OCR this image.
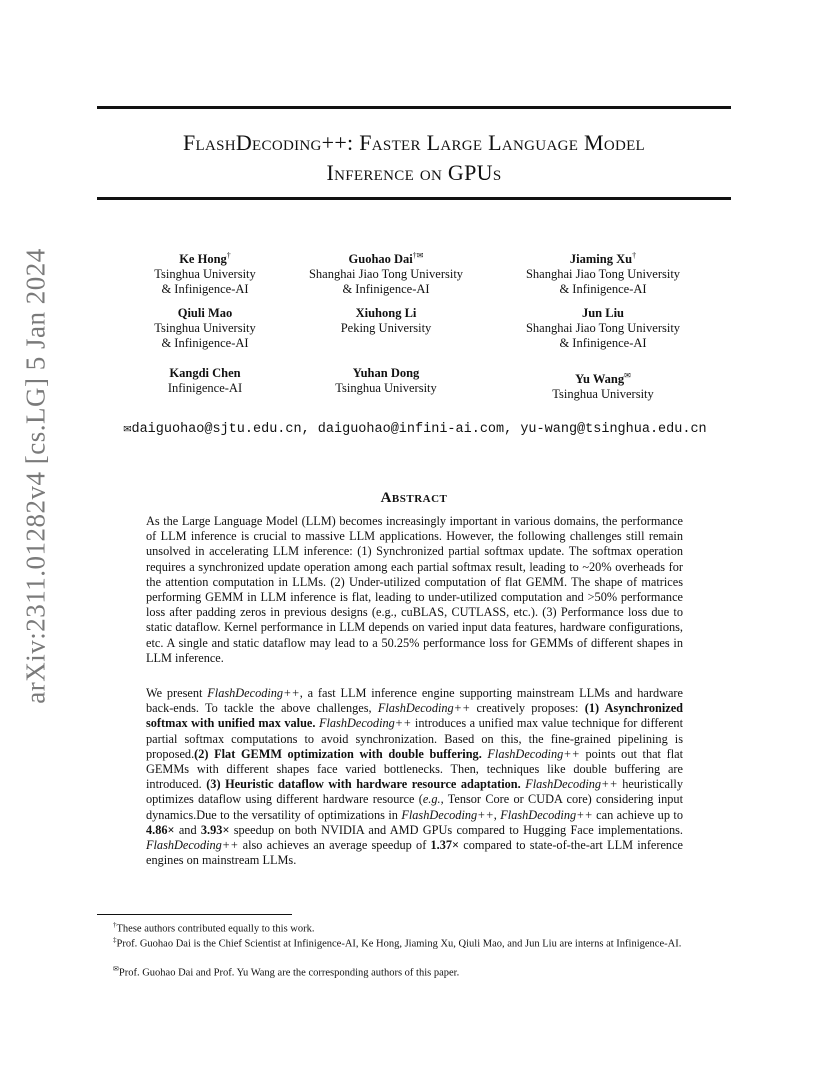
arXiv:2311.01282v4 [cs.LG] 5 Jan 2024
FlashDecoding++: Faster Large Language Model
Inference on GPUs
Ke Hong†
Tsinghua University
& Infinigence-AI
Guohao Dai†✉
Shanghai Jiao Tong University
& Infinigence-AI
Jiaming Xu†
Shanghai Jiao Tong University
& Infinigence-AI
Qiuli Mao
Tsinghua University
& Infinigence-AI
Xiuhong Li
Peking University
Jun Liu
Shanghai Jiao Tong University
& Infinigence-AI
Kangdi Chen
Infinigence-AI
Yuhan Dong
Tsinghua University
Yu Wang✉
Tsinghua University
✉daiguohao@sjtu.edu.cn, daiguohao@infini-ai.com, yu-wang@tsinghua.edu.cn
Abstract

As the Large Language Model (LLM) becomes increasingly important in various domains, the performance of LLM inference is crucial to massive LLM applications. However, the following challenges still remain unsolved in accelerating LLM inference: (1) Synchronized partial softmax update. The softmax operation requires a synchronized update operation among each partial softmax result, leading to ~20% overheads for the attention computation in LLMs. (2) Under-utilized computation of flat GEMM. The shape of matrices performing GEMM in LLM inference is flat, leading to under-utilized computation and >50% performance loss after padding zeros in previous designs (e.g., cuBLAS, CUTLASS, etc.). (3) Performance loss due to static dataflow. Kernel performance in LLM depends on varied input data features, hardware configurations, etc. A single and static dataflow may lead to a 50.25% performance loss for GEMMs of different shapes in LLM inference.

We present FlashDecoding++, a fast LLM inference engine supporting mainstream LLMs and hardware back-ends. To tackle the above challenges, FlashDecoding++ creatively proposes: (1) Asynchronized softmax with unified max value. FlashDecoding++ introduces a unified max value technique for different partial softmax computations to avoid synchronization. Based on this, the fine-grained pipelining is proposed.(2) Flat GEMM optimization with double buffering. FlashDecoding++ points out that flat GEMMs with different shapes face varied bottlenecks. Then, techniques like double buffering are introduced. (3) Heuristic dataflow with hardware resource adaptation. FlashDecoding++ heuristically optimizes dataflow using different hardware resource (e.g., Tensor Core or CUDA core) considering input dynamics.Due to the versatility of optimizations in FlashDecoding++, FlashDecoding++ can achieve up to 4.86× and 3.93× speedup on both NVIDIA and AMD GPUs compared to Hugging Face implementations. FlashDecoding++ also achieves an average speedup of 1.37× compared to state-of-the-art LLM inference engines on mainstream LLMs.

†These authors contributed equally to this work.

‡Prof. Guohao Dai is the Chief Scientist at Infinigence-AI, Ke Hong, Jiaming Xu, Qiuli Mao, and Jun Liu are interns at Infinigence-AI.

✉Prof. Guohao Dai and Prof. Yu Wang are the corresponding authors of this paper.
